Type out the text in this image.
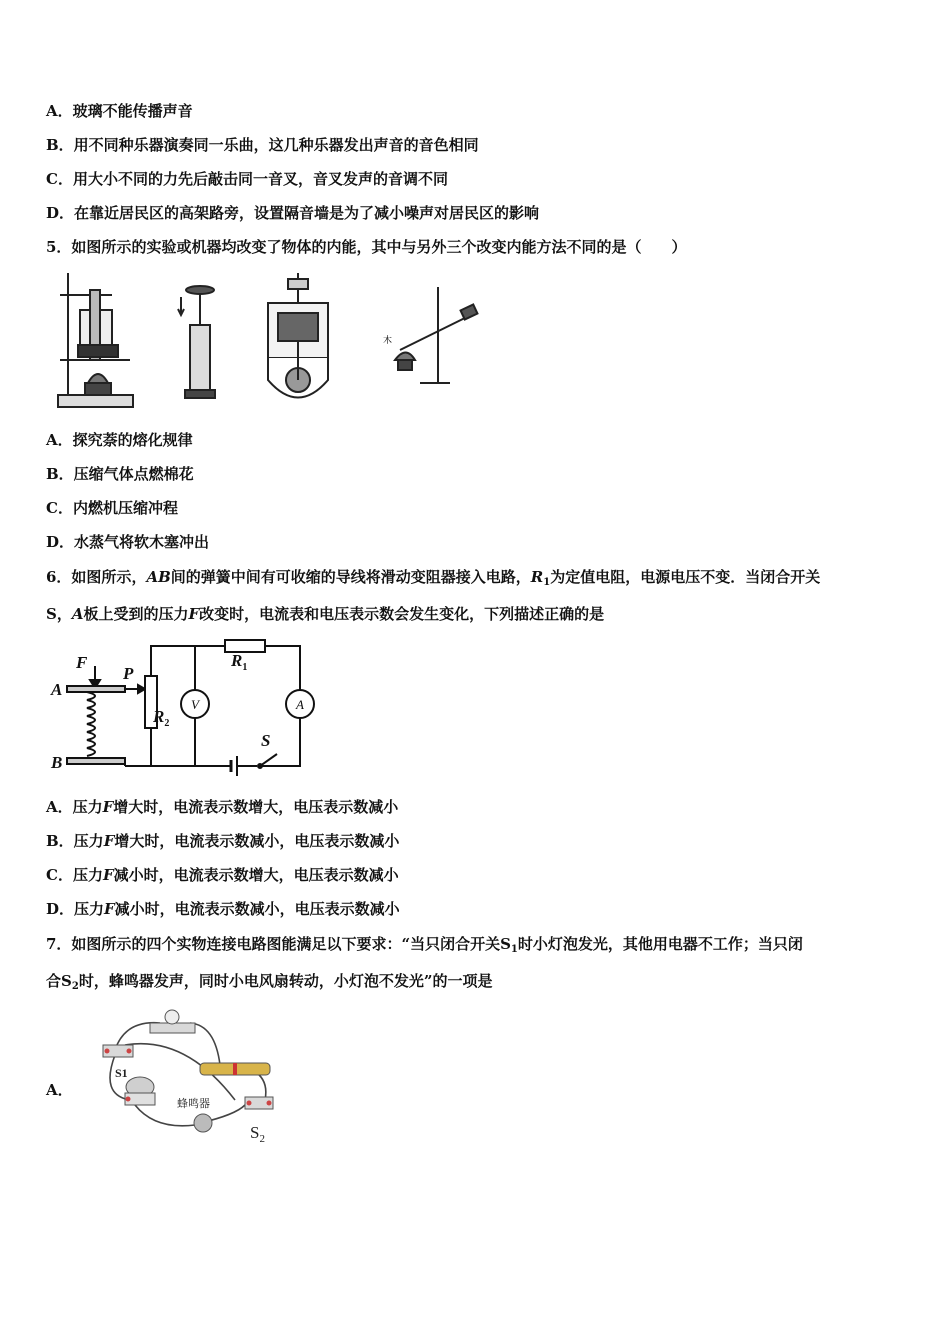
A．玻璃不能传播声音
B．用不同种乐器演奏同一乐曲，这几种乐器发出声音的音色相同
C．用大小不同的力先后敲击同一音叉，音叉发声的音调不同
D．在靠近居民区的高架路旁，设置隔音墙是为了减小噪声对居民区的影响
5．如图所示的实验或机器均改变了物体的内能，其中与另外三个改变内能方法不同的是（　　）
木
A．探究萘的熔化规律
B．压缩气体点燃棉花
C．内燃机压缩冲程
D．水蒸气将软木塞冲出
6．如图所示，AB间的弹簧中间有可收缩的导线将滑动变阻器接入电路，$R_1$为定值电阻，电源电压不变．当闭合开关
S，A板上受到的压力F改变时，电流表和电压表示数会发生变化，下列描述正确的是
F
A
B
P
$R_1$
$R_2$
S
V	A
A．压力F增大时，电流表示数增大，电压表示数减小
B．压力F增大时，电流表示数减小，电压表示数减小
C．压力F减小时，电流表示数增大，电压表示数减小
D．压力F减小时，电流表示数减小，电压表示数减小
7．如图所示的四个实物连接电路图能满足以下要求：“当只闭合开关$S_1$时小灯泡发光，其他用电器不工作；当只闭
合$S_2$时，蜂鸣器发声，同时小电风扇转动，小灯泡不发光”的一项是
A．
S1
蜂鸣器
$S_2$
